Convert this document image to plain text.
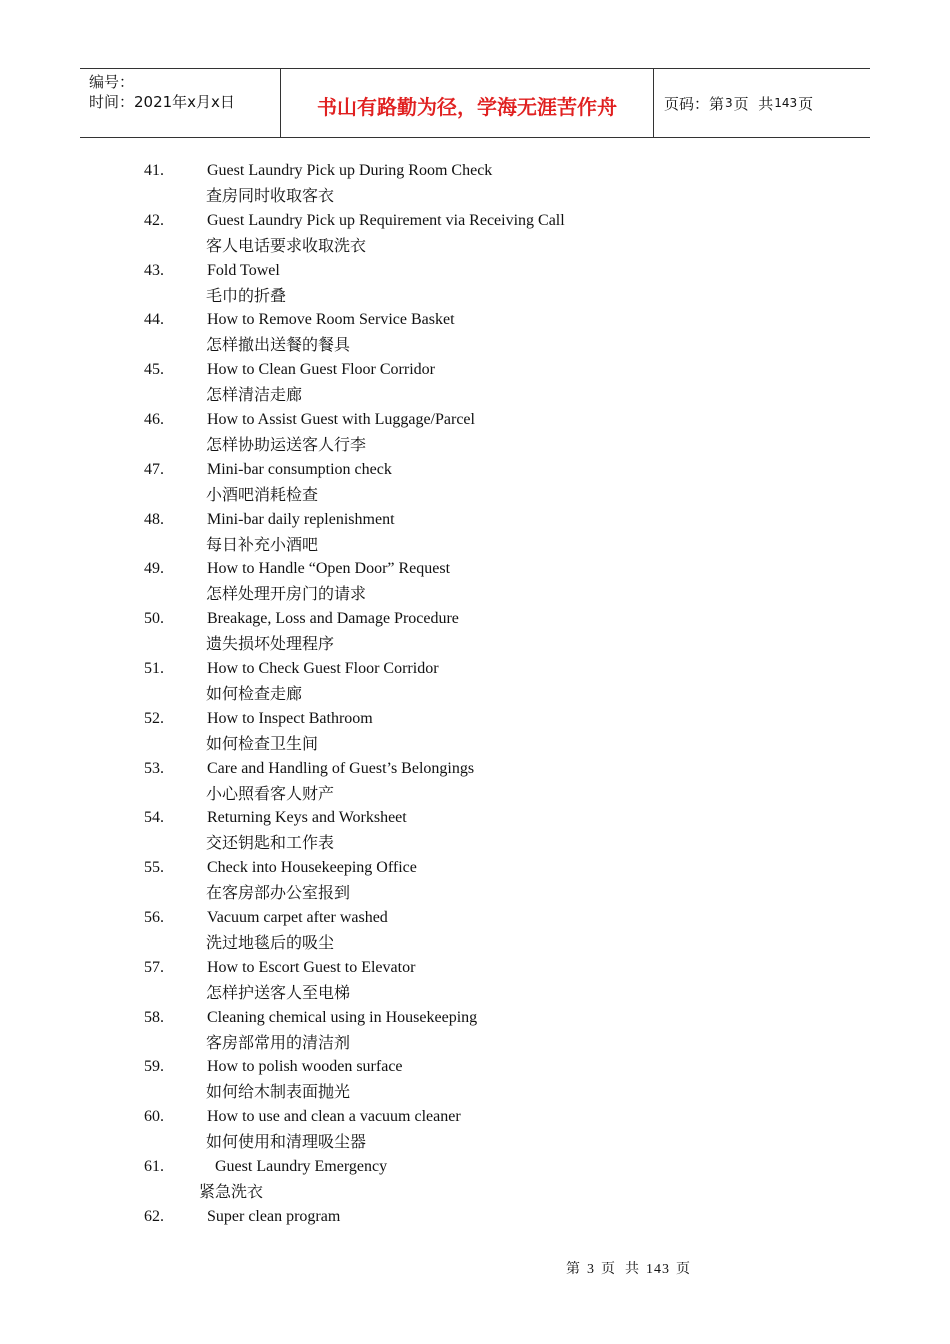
编号：
时间：2021年x月x日	书山有路勤为径，学海无涯苦作舟	页码：第 3 页  共 143 页
41.	Guest Laundry Pick up During Room Check
查房同时收取客衣
42.	Guest Laundry Pick up Requirement via Receiving Call
客人电话要求收取洗衣
43.	Fold Towel
毛巾的折叠
44.	How to Remove Room Service Basket
怎样撤出送餐的餐具
45.	How to Clean Guest Floor Corridor
怎样清洁走廊
46.	How to Assist Guest with Luggage/Parcel
怎样协助运送客人行李
47.	Mini-bar consumption check
小酒吧消耗检查
48.	Mini-bar daily replenishment
每日补充小酒吧
49.	How to Handle “Open Door” Request
怎样处理开房门的请求
50.	Breakage, Loss and Damage Procedure
遗失损坏处理程序
51.	How to Check Guest Floor Corridor
如何检查走廊
52.	How to Inspect Bathroom
如何检查卫生间
53.	Care and Handling of Guest’s Belongings
小心照看客人财产
54.	Returning Keys and Worksheet
交还钥匙和工作表
55.	Check into Housekeeping Office
在客房部办公室报到
56.	Vacuum carpet after washed
洗过地毯后的吸尘
57.	How to Escort Guest to Elevator
怎样护送客人至电梯
58.	Cleaning chemical using in Housekeeping
客房部常用的清洁剂
59.	How to polish wooden surface
如何给木制表面抛光
60.	How to use and clean a vacuum cleaner
如何使用和清理吸尘器
61.	Guest Laundry Emergency
紧急洗衣
62.	Super clean program
第 3 页  共 143 页
